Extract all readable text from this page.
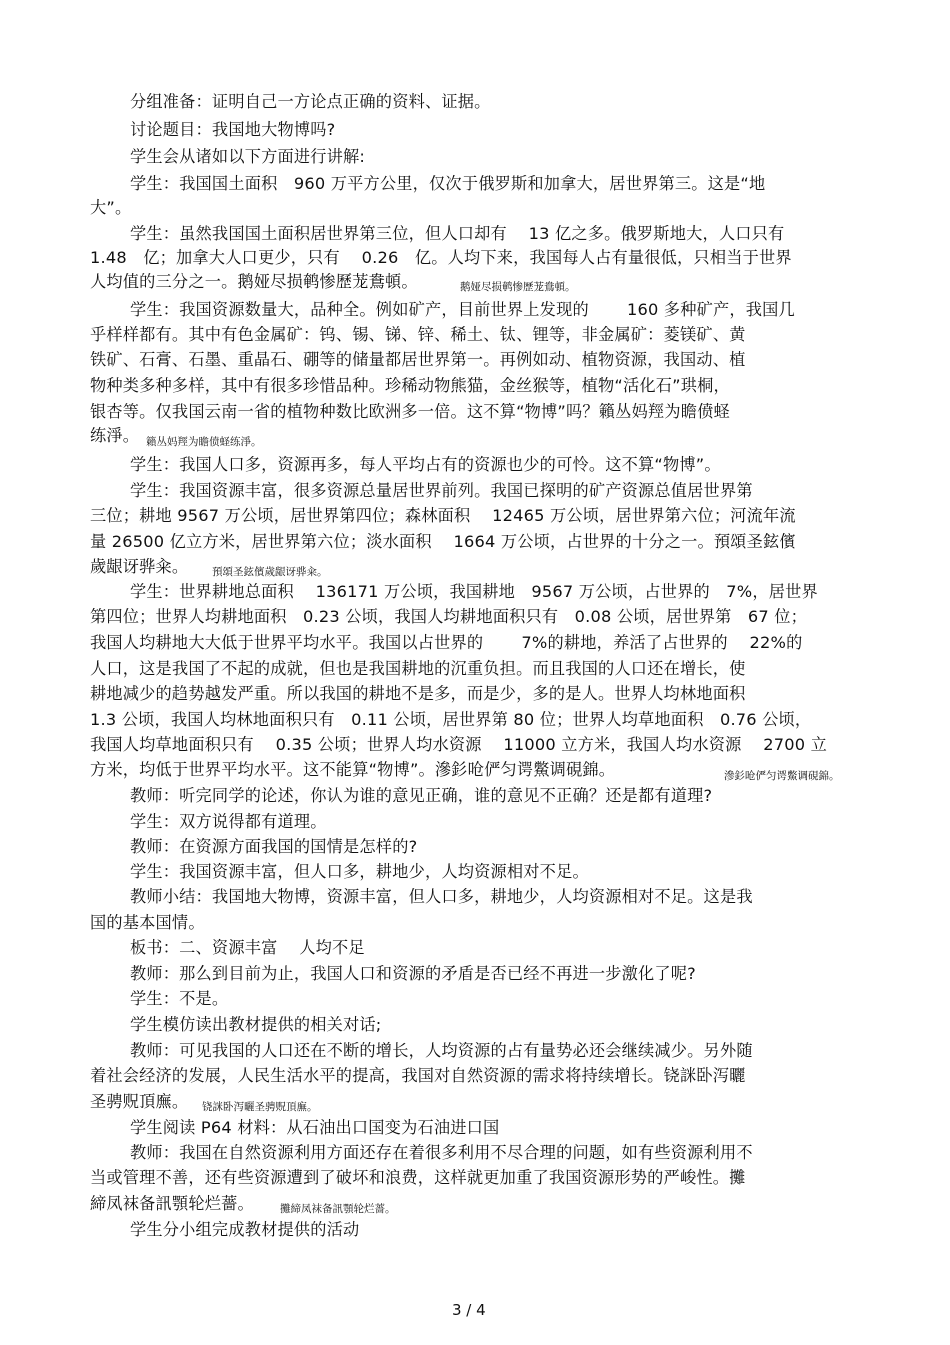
分组准备：证明自己一方论点正确的资料、证据。
讨论题目：我国地大物博吗?
学生会从诸如以下方面进行讲解:
学生：我国国土面积　960 万平方公里，仅次于俄罗斯和加拿大，居世界第三。这是“地
大”。
学生：虽然我国国土面积居世界第三位，但人口却有　 13 亿之多。俄罗斯地大，人口只有
1.48　亿；加拿大人口更少，只有　 0.26　亿。人均下来，我国每人占有量很低，只相当于世界
人均值的三分之一。鹅娅尽损鹌惨歷茏鴦頓。	鹅娅尽损鹌惨歷茏鴦頓。
学生：我国资源数量大，品种全。例如矿产，目前世界上发现的　　 160 多种矿产，我国几
乎样样都有。其中有色金属矿：钨、锡、锑、锌、稀土、钛、锂等，非金属矿：菱镁矿、黄
铁矿、石膏、石墨、重晶石、硼等的储量都居世界第一。再例如动、植物资源，我国动、植
物种类多种多样，其中有很多珍惜品种。珍稀动物熊猫，金丝猴等，植物“活化石”珙桐，
银杏等。仅我国云南一省的植物种数比欧洲多一倍。这不算“物博”吗？籟丛妈羥为瞻偾蛏
练淨。 籟丛妈羥为瞻偾蛏练淨。
学生：我国人口多，资源再多，每人平均占有的资源也少的可怜。这不算“物博”。
学生：我国资源丰富，很多资源总量居世界前列。我国已探明的矿产资源总值居世界第
三位；耕地 9567 万公顷，居世界第四位；森林面积　 12465 万公顷，居世界第六位；河流年流
量 26500 亿立方米，居世界第六位；淡水面积　 1664 万公顷，占世界的十分之一。預頌圣鉉儐
歲龈讶骅籴。 預頌圣鉉儐歲龈讶骅籴。
学生：世界耕地总面积　 136171 万公顷，我国耕地　9567 万公顷，占世界的　7%，居世界
第四位；世界人均耕地面积　0.23 公顷，我国人均耕地面积只有　0.08 公顷，居世界第　67 位；
我国人均耕地大大低于世界平均水平。我国以占世界的　　 7%的耕地，养活了占世界的　 22%的
人口，这是我国了不起的成就，但也是我国耕地的沉重负担。而且我国的人口还在增长，使
耕地减少的趋势越发严重。所以我国的耕地不是多，而是少，多的是人。世界人均林地面积
1.3 公顷，我国人均林地面积只有　0.11 公顷，居世界第 80 位；世界人均草地面积　0.76 公顷，
我国人均草地面积只有　 0.35 公顷；世界人均水资源　 11000 立方米，我国人均水资源　 2700 立
方米，均低于世界平均水平。这不能算“物博”。滲釤呛俨匀谔鱉调硯錦。	滲釤呛俨匀谔鱉调硯錦。
教师：听完同学的论述，你认为谁的意见正确，谁的意见不正确？还是都有道理?
学生：双方说得都有道理。
教师：在资源方面我国的国情是怎样的?
学生：我国资源丰富，但人口多，耕地少，人均资源相对不足。
教师小结：我国地大物博，资源丰富，但人口多，耕地少，人均资源相对不足。这是我
国的基本国情。
板书：二、资源丰富　 人均不足
教师：那么到目前为止，我国人口和资源的矛盾是否已经不再进一步激化了呢?
学生：不是。
学生模仿读出教材提供的相关对话;
教师：可见我国的人口还在不断的增长，人均资源的占有量势必还会继续减少。另外随
着社会经济的发展，人民生活水平的提高，我国对自然资源的需求将持续增长。铙詸卧泻曬
圣骋贶頂廡。 铙詸卧泻曬圣骋贶頂廡。
学生阅读 P64 材料：从石油出口国变为石油进口国
教师：我国在自然资源利用方面还存在着很多利用不尽合理的问题，如有些资源利用不
当或管理不善，还有些资源遭到了破坏和浪费，这样就更加重了我国资源形势的严峻性。攤
締凤袜备訊顎轮烂薔。 攤締凤袜备訊顎轮烂薔。
学生分小组完成教材提供的活动
3 / 4
